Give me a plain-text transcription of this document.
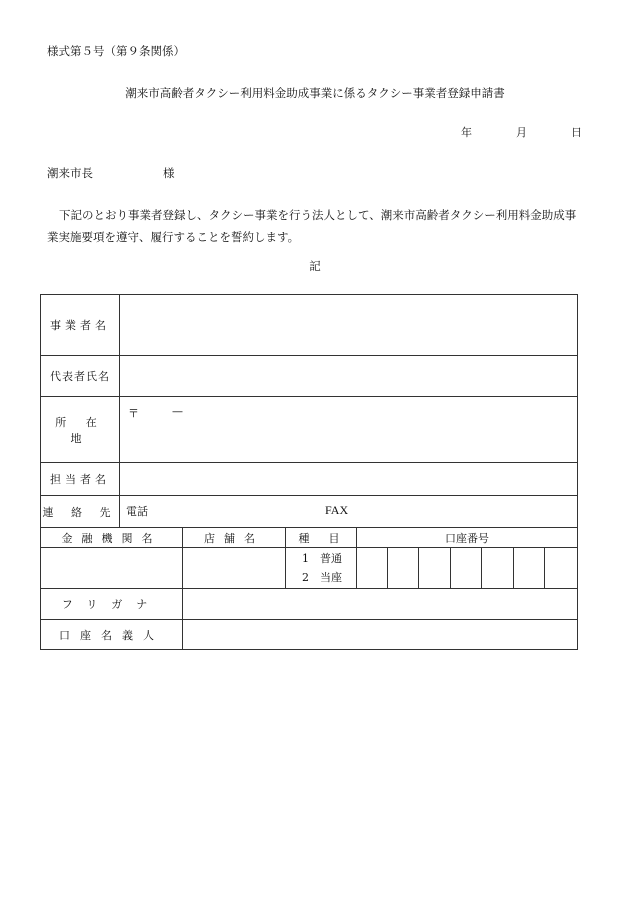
様式第５号（第９条関係）
潮来市高齢者タクシー利用料金助成事業に係るタクシー事業者登録申請書
年	月	日
潮来市長	様
下記のとおり事業者登録し、タクシー事業を行う法人として、潮来市高齢者タクシー利用料金助成事業実施要項を遵守、履行することを誓約します。
記
事業者名										
代表者氏名										
所 在 地	〒 —									

担当者名										
連 絡 先	電話 FAX									

金融機関名		店舗名	種　目	口座番号						

			1　普通
2　当座							

フリガナ										
口座名義人										
